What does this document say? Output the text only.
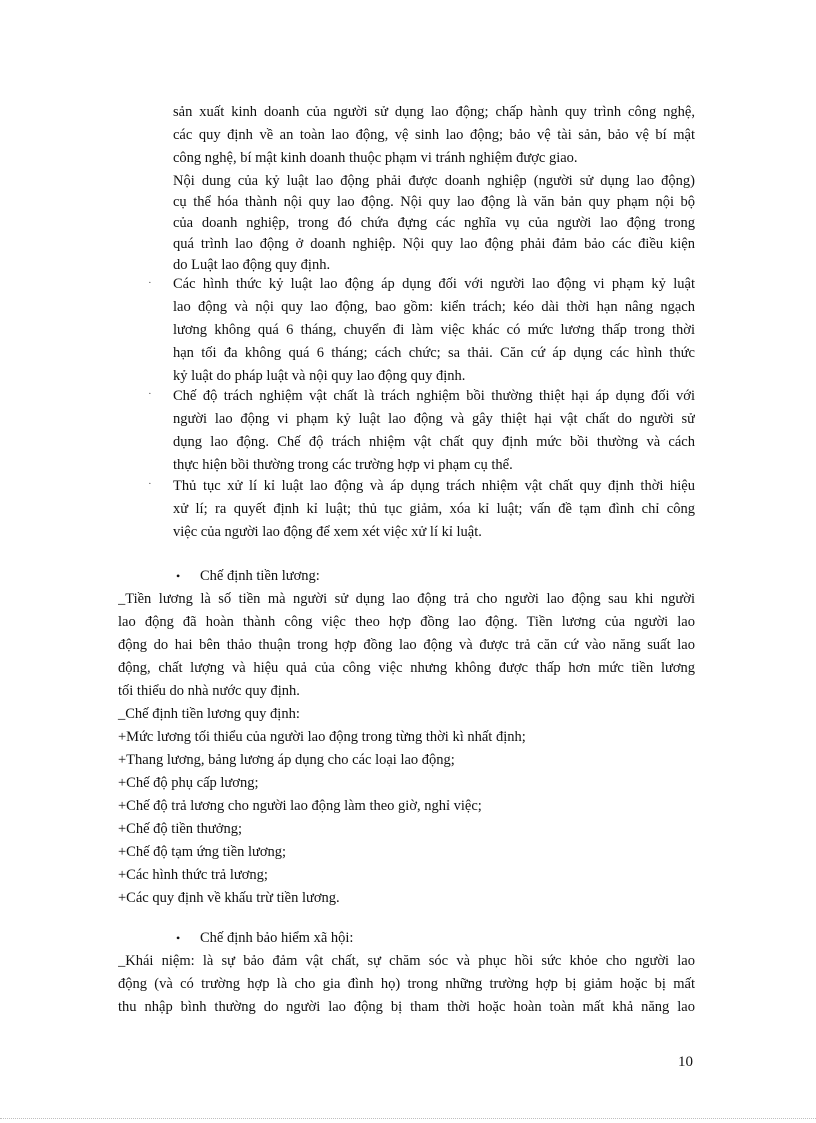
sản xuất kinh doanh của người sử dụng lao động; chấp hành quy trình công nghệ,
các quy định về an toàn lao động, vệ sinh lao động; bảo vệ tài sản, bảo vệ bí mật
công nghệ, bí mật kinh doanh thuộc phạm vi tránh nghiệm được giao.
Nội dung của kỷ luật lao động phải được doanh nghiệp (người sử dụng lao động)
cụ thể hóa thành nội quy lao động. Nội quy lao động là văn bản quy phạm nội bộ
của doanh nghiệp, trong đó chứa đựng các nghĩa vụ của người lao động trong
quá trình lao động ở doanh nghiệp. Nội quy lao động phải đảm bảo các điều kiện
do Luật lao động quy định.
· Các hình thức kỷ luật lao động áp dụng đối với người lao động vi phạm kỷ luật
lao động và nội quy lao động, bao gồm: kiển trách; kéo dài thời hạn nâng ngạch
lương không quá 6 tháng, chuyển đi làm việc khác có mức lương thấp trong thời
hạn tối đa không quá 6 tháng; cách chức; sa thải. Căn cứ áp dụng các hình thức
kỷ luật do pháp luật và nội quy lao động quy định.
· Chế độ trách nghiệm vật chất là trách nghiệm bồi thường thiệt hại áp dụng đối với
người lao động vi phạm kỷ luật lao động và gây thiệt hại vật chất do người sử
dụng lao động. Chế độ trách nhiệm vật chất quy định mức bồi thường và cách
thực hiện bồi thường trong các trường hợp vi phạm cụ thể.
· Thủ tục xử lí kỉ luật lao động và áp dụng trách nhiệm vật chất quy định thời hiệu
xử lí; ra quyết định kỉ luật; thủ tục giảm, xóa kỉ luật; vấn đề tạm đình chỉ công
việc của người lao động để xem xét việc xử lí kỉ luật.
• Chế định tiền lương:
_Tiền lương là số tiền mà người sử dụng lao động trả cho người lao động sau khi người
lao động đã hoàn thành công việc theo hợp đồng lao động. Tiền lương của người lao
động do hai bên thảo thuận trong hợp đồng lao động và được trả căn cứ vào năng suất lao
động, chất lượng và hiệu quả của công việc nhưng không được thấp hơn mức tiền lương
tối thiểu do nhà nước quy định.
_Chế định tiền lương quy định:
+Mức lương tối thiểu của người lao động trong từng thời kì nhất định;
+Thang lương, bảng lương áp dụng cho các loại lao động;
+Chế độ phụ cấp lương;
+Chế độ trả lương cho người lao động làm theo giờ, nghỉ việc;
+Chế độ tiền thưởng;
+Chế độ tạm ứng tiền lương;
+Các hình thức trả lương;
+Các quy định về khấu trừ tiền lương.
• Chế định bảo hiểm xã hội:
_Khái niệm: là sự bảo đảm vật chất, sự chăm sóc và phục hồi sức khỏe cho người lao
động (và có trường hợp là cho gia đình họ) trong những trường hợp bị giảm hoặc bị mất
thu nhập bình thường do người lao động bị tham thời hoặc hoàn toàn mất khả năng lao
10
